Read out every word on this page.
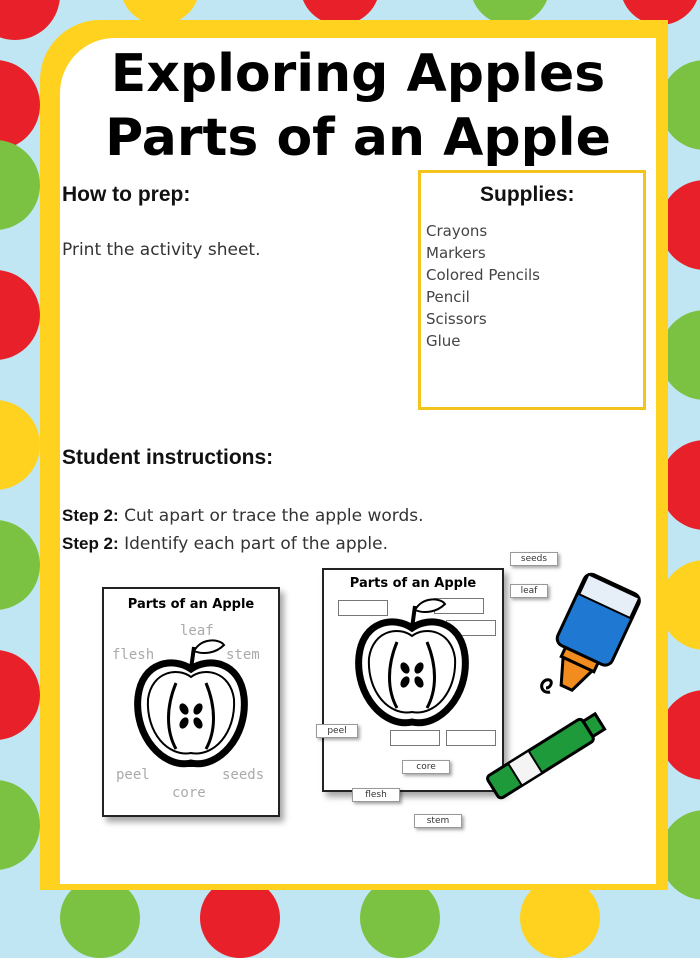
Exploring Apples
Parts of an Apple
How to prep:
Print the activity sheet.
Supplies:
Crayons
Markers
Colored Pencils
Pencil
Scissors
Glue
Student instructions:
Step 2: Cut apart or trace the apple words.
Step 2: Identify each part of the apple.
Parts of an Apple
leaf
flesh	stem
peel	seeds
core
Parts of an Apple
peel
seeds
leaf
core
flesh
stem
